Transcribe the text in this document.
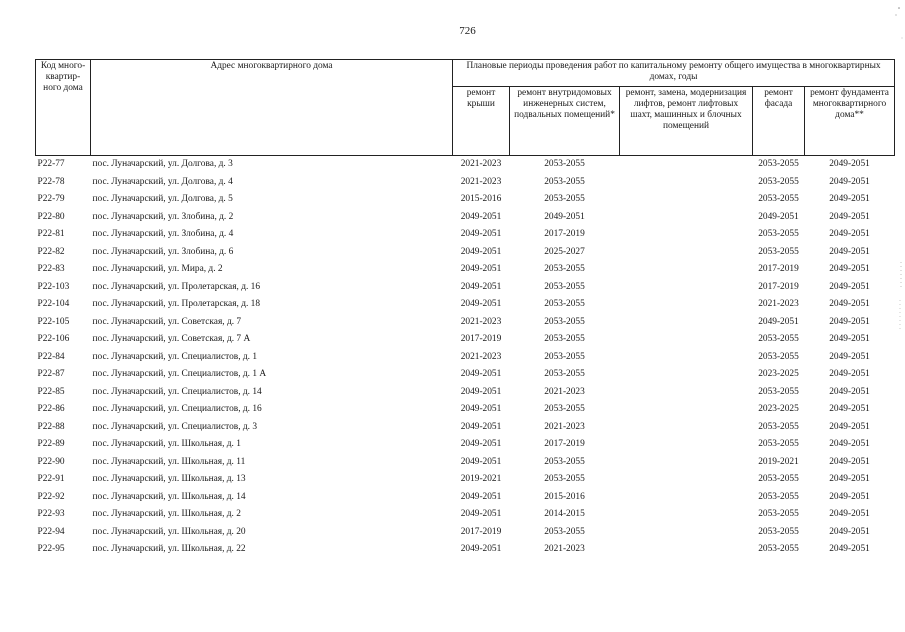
726
Код много-квартир-ного дома	Адрес многоквартирного дома	Плановые периоды проведения работ по капитальному ремонту общего имущества в многоквартирных домах, годы				
		ремонт крыши	ремонт внутридомовых инженерных систем, подвальных помещений*	ремонт, замена, модернизация лифтов, ремонт лифтовых шахт, машинных и блочных помещений	ремонт фасада	ремонт фундамента многоквартирного дома**
Р22-77	пос. Луначарский, ул. Долгова, д. 3	2021-2023	2053-2055		2053-2055	2049-2051
Р22-78	пос. Луначарский, ул. Долгова, д. 4	2021-2023	2053-2055		2053-2055	2049-2051
Р22-79	пос. Луначарский, ул. Долгова, д. 5	2015-2016	2053-2055		2053-2055	2049-2051
Р22-80	пос. Луначарский, ул. Злобина, д. 2	2049-2051	2049-2051		2049-2051	2049-2051
Р22-81	пос. Луначарский, ул. Злобина, д. 4	2049-2051	2017-2019		2053-2055	2049-2051
Р22-82	пос. Луначарский, ул. Злобина, д. 6	2049-2051	2025-2027		2053-2055	2049-2051
Р22-83	пос. Луначарский, ул. Мира, д. 2	2049-2051	2053-2055		2017-2019	2049-2051
Р22-103	пос. Луначарский, ул. Пролетарская, д. 16	2049-2051	2053-2055		2017-2019	2049-2051
Р22-104	пос. Луначарский, ул. Пролетарская, д. 18	2049-2051	2053-2055		2021-2023	2049-2051
Р22-105	пос. Луначарский, ул. Советская, д. 7	2021-2023	2053-2055		2049-2051	2049-2051
Р22-106	пос. Луначарский, ул. Советская, д. 7 А	2017-2019	2053-2055		2053-2055	2049-2051
Р22-84	пос. Луначарский, ул. Специалистов, д. 1	2021-2023	2053-2055		2053-2055	2049-2051
Р22-87	пос. Луначарский, ул. Специалистов, д. 1 А	2049-2051	2053-2055		2023-2025	2049-2051
Р22-85	пос. Луначарский, ул. Специалистов, д. 14	2049-2051	2021-2023		2053-2055	2049-2051
Р22-86	пос. Луначарский, ул. Специалистов, д. 16	2049-2051	2053-2055		2023-2025	2049-2051
Р22-88	пос. Луначарский, ул. Специалистов, д. 3	2049-2051	2021-2023		2053-2055	2049-2051
Р22-89	пос. Луначарский, ул. Школьная, д. 1	2049-2051	2017-2019		2053-2055	2049-2051
Р22-90	пос. Луначарский, ул. Школьная, д. 11	2049-2051	2053-2055		2019-2021	2049-2051
Р22-91	пос. Луначарский, ул. Школьная, д. 13	2019-2021	2053-2055		2053-2055	2049-2051
Р22-92	пос. Луначарский, ул. Школьная, д. 14	2049-2051	2015-2016		2053-2055	2049-2051
Р22-93	пос. Луначарский, ул. Школьная, д. 2	2049-2051	2014-2015		2053-2055	2049-2051
Р22-94	пос. Луначарский, ул. Школьная, д. 20	2017-2019	2053-2055		2053-2055	2049-2051
Р22-95	пос. Луначарский, ул. Школьная, д. 22	2049-2051	2021-2023		2053-2055	2049-2051
